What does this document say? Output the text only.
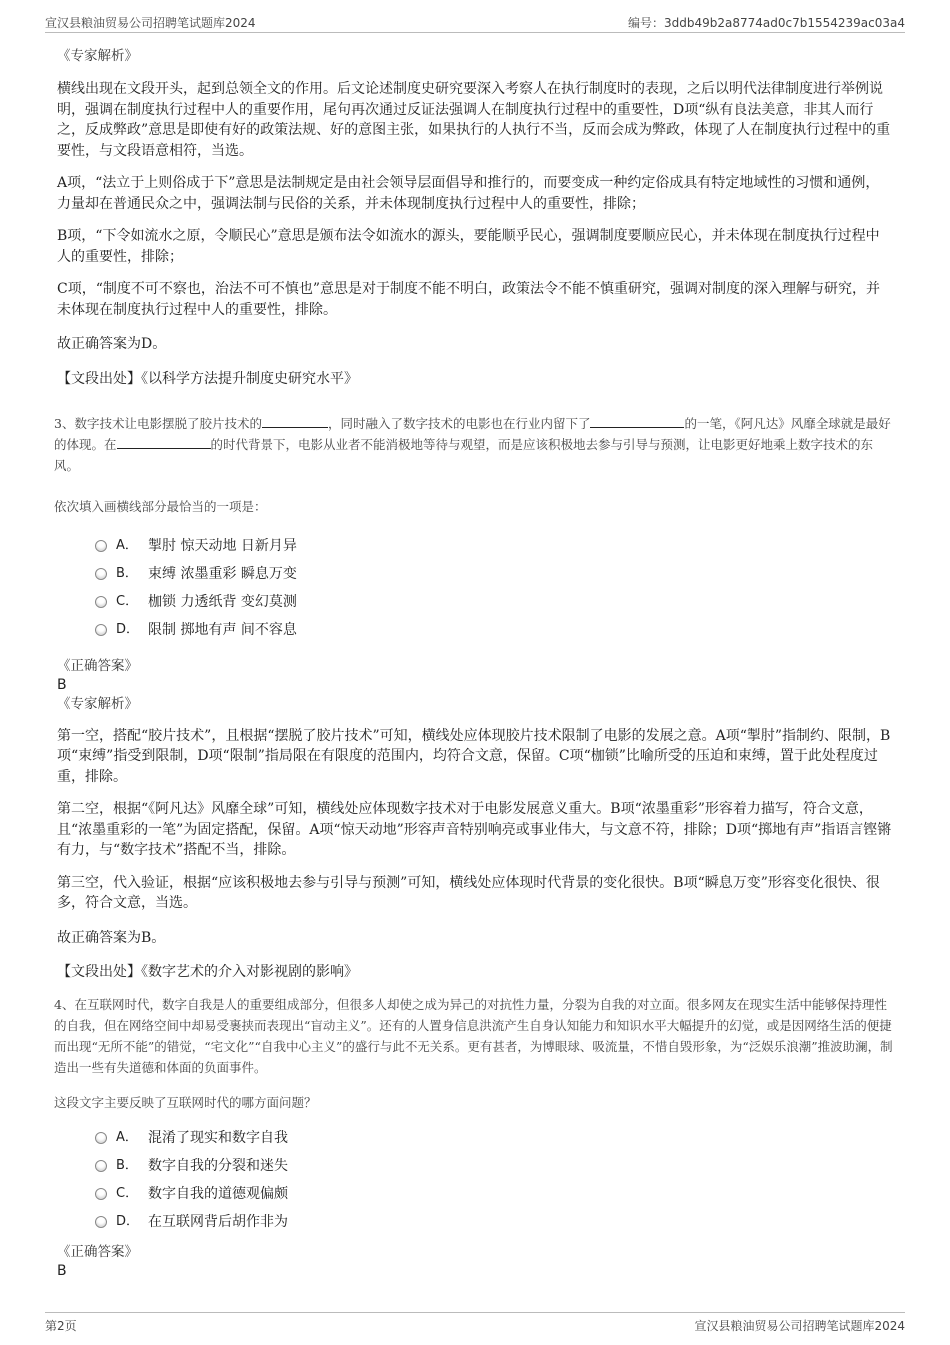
宣汉县粮油贸易公司招聘笔试题库2024	编号：3ddb49b2a8774ad0c7b1554239ac03a4
《专家解析》
横线出现在文段开头，起到总领全文的作用。后文论述制度史研究要深入考察人在执行制度时的表现，之后以明代法律制度进行举例说明，强调在制度执行过程中人的重要作用，尾句再次通过反证法强调人在制度执行过程中的重要性，D项“纵有良法美意，非其人而行之，反成弊政”意思是即使有好的政策法规、好的意图主张，如果执行的人执行不当，反而会成为弊政，体现了人在制度执行过程中的重要性，与文段语意相符，当选。
A项，“法立于上则俗成于下”意思是法制规定是由社会领导层面倡导和推行的，而要变成一种约定俗成具有特定地域性的习惯和通例，力量却在普通民众之中，强调法制与民俗的关系，并未体现制度执行过程中人的重要性，排除；
B项，“下令如流水之原，令顺民心”意思是颁布法令如流水的源头，要能顺乎民心，强调制度要顺应民心，并未体现在制度执行过程中人的重要性，排除；
C项，“制度不可不察也，治法不可不慎也”意思是对于制度不能不明白，政策法令不能不慎重研究，强调对制度的深入理解与研究，并未体现在制度执行过程中人的重要性，排除。
故正确答案为D。
【文段出处】《以科学方法提升制度史研究水平》
3、数字技术让电影摆脱了胶片技术的	，同时融入了数字技术的电影也在行业内留下了	的一笔，《阿凡达》风靡全球就是最好的体现。在	的时代背景下，电影从业者不能消极地等待与观望，而是应该积极地去参与引导与预测，让电影更好地乘上数字技术的东风。
依次填入画横线部分最恰当的一项是：
A． 掣肘 惊天动地 日新月异
B． 束缚 浓墨重彩 瞬息万变
C． 枷锁 力透纸背 变幻莫测
D． 限制 掷地有声 间不容息
《正确答案》
B
《专家解析》
第一空，搭配“胶片技术”，且根据“摆脱了胶片技术”可知，横线处应体现胶片技术限制了电影的发展之意。A项“掣肘”指制约、限制，B项“束缚”指受到限制，D项“限制”指局限在有限度的范围内，均符合文意，保留。C项“枷锁”比喻所受的压迫和束缚，置于此处程度过重，排除。
第二空，根据“《阿凡达》风靡全球”可知，横线处应体现数字技术对于电影发展意义重大。B项“浓墨重彩”形容着力描写，符合文意，且“浓墨重彩的一笔”为固定搭配，保留。A项“惊天动地”形容声音特别响亮或事业伟大，与文意不符，排除；D项“掷地有声”指语言铿锵有力，与“数字技术”搭配不当，排除。
第三空，代入验证，根据“应该积极地去参与引导与预测”可知，横线处应体现时代背景的变化很快。B项“瞬息万变”形容变化很快、很多，符合文意，当选。
故正确答案为B。
【文段出处】《数字艺术的介入对影视剧的影响》
4、在互联网时代，数字自我是人的重要组成部分，但很多人却使之成为异己的对抗性力量，分裂为自我的对立面。很多网友在现实生活中能够保持理性的自我，但在网络空间中却易受裹挟而表现出“盲动主义”。还有的人置身信息洪流产生自身认知能力和知识水平大幅提升的幻觉，或是因网络生活的便捷而出现“无所不能”的错觉，“宅文化”“自我中心主义”的盛行与此不无关系。更有甚者，为博眼球、吸流量，不惜自毁形象，为“泛娱乐浪潮”推波助澜，制造出一些有失道德和体面的负面事件。
这段文字主要反映了互联网时代的哪方面问题？
A． 混淆了现实和数字自我
B． 数字自我的分裂和迷失
C． 数字自我的道德观偏颇
D． 在互联网背后胡作非为
《正确答案》
B
第2页	宣汉县粮油贸易公司招聘笔试题库2024
